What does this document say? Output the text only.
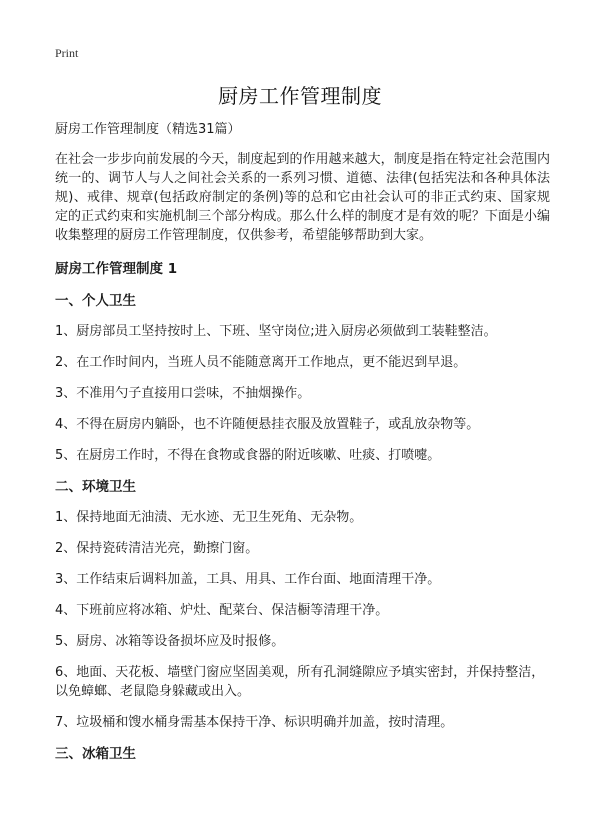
Print
厨房工作管理制度

厨房工作管理制度（精选31篇）

在社会一步步向前发展的今天，制度起到的作用越来越大，制度是指在特定社会范围内统一的、调节人与人之间社会关系的一系列习惯、道德、法律(包括宪法和各种具体法规)、戒律、规章(包括政府制定的条例)等的总和它由社会认可的非正式约束、国家规定的正式约束和实施机制三个部分构成。那么什么样的制度才是有效的呢？下面是小编收集整理的厨房工作管理制度，仅供参考，希望能够帮助到大家。

厨房工作管理制度 1

一、个人卫生

1、厨房部员工坚持按时上、下班、坚守岗位;进入厨房必须做到工装鞋整洁。

2、在工作时间内，当班人员不能随意离开工作地点，更不能迟到早退。

3、不准用勺子直接用口尝味，不抽烟操作。

4、不得在厨房内躺卧，也不许随便悬挂衣服及放置鞋子，或乱放杂物等。

5、在厨房工作时，不得在食物或食器的附近咳嗽、吐痰、打喷嚏。

二、环境卫生

1、保持地面无油渍、无水迹、无卫生死角、无杂物。

2、保持瓷砖清洁光亮，勤擦门窗。

3、工作结束后调料加盖，工具、用具、工作台面、地面清理干净。

4、下班前应将冰箱、炉灶、配菜台、保洁橱等清理干净。

5、厨房、冰箱等设备损坏应及时报修。

6、地面、天花板、墙壁门窗应坚固美观，所有孔洞缝隙应予填实密封，并保持整洁，以免蟑螂、老鼠隐身躲藏或出入。

7、垃圾桶和馊水桶身需基本保持干净、标识明确并加盖，按时清理。

三、冰箱卫生
